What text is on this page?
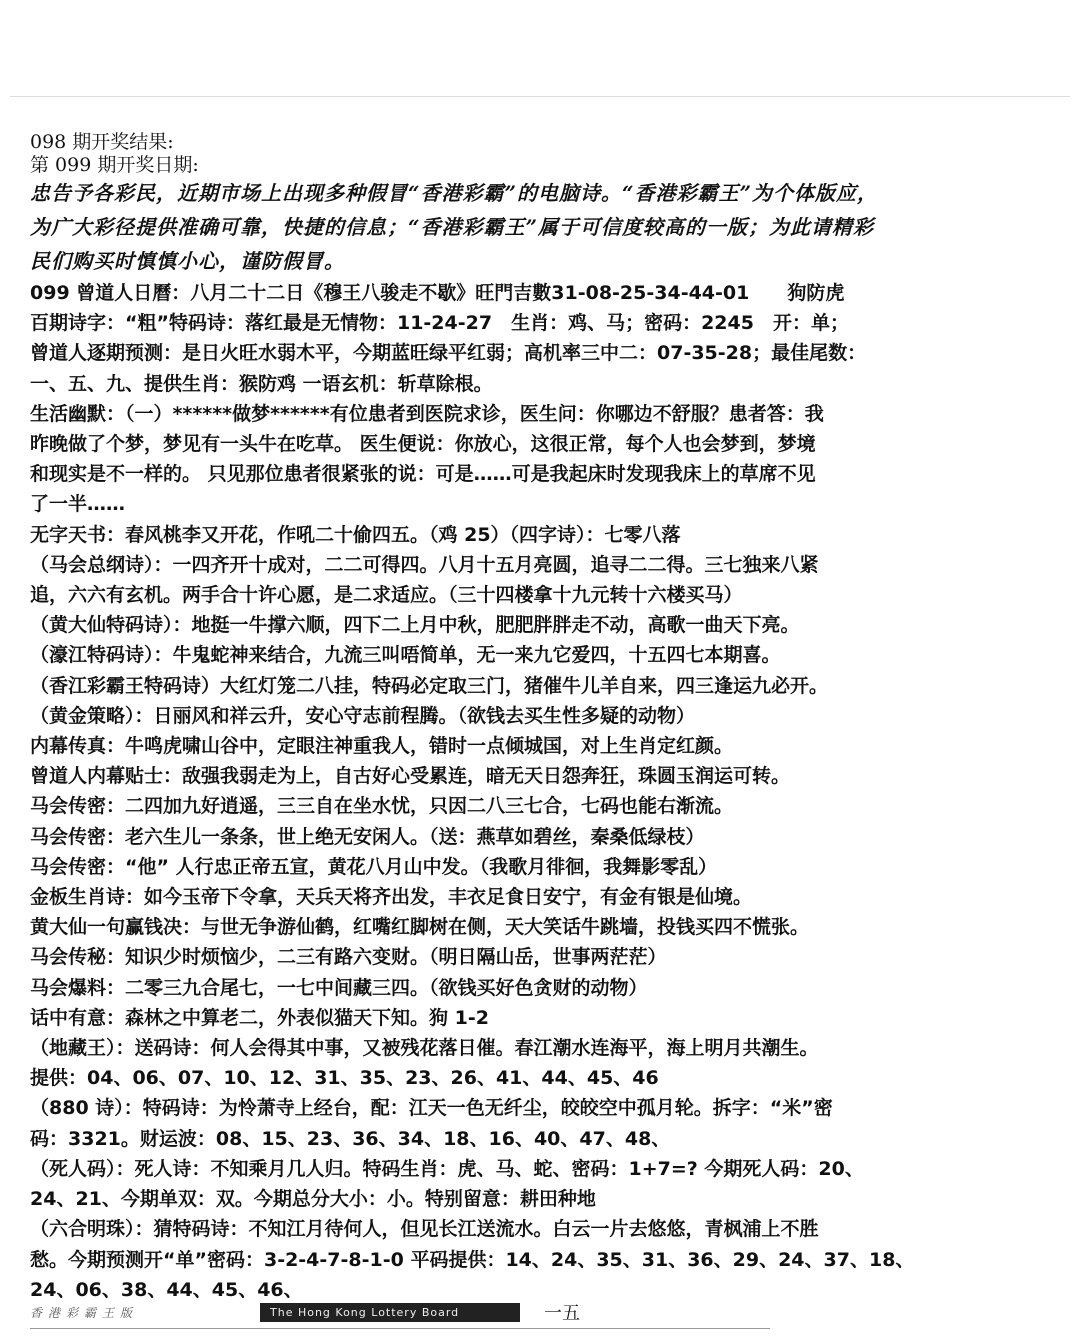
098 期开奖结果:
第 099 期开奖日期:
忠告予各彩民，近期市场上出现多种假冒“香港彩霸”的电脑诗。“香港彩霸王”为个体版应，
为广大彩径提供准确可靠，快捷的信息；“香港彩霸王”属于可信度较高的一版；为此请精彩
民们购买时慎慎小心，谨防假冒。
099 曾道人日曆：八月二十二日《穆王八骏走不歇》旺門吉數31-08-25-34-44-01　　狗防虎
百期诗字：“粗”特码诗：落红最是无情物：11-24-27　生肖：鸡、马；密码：2245　开：单；
曾道人逐期预测：是日火旺水弱木平，今期蓝旺绿平红弱；高机率三中二：07-35-28；最佳尾数：
一、五、九、提供生肖：猴防鸡 一语玄机：斩草除根。
生活幽默：（一）******做梦******有位患者到医院求诊，医生问：你哪边不舒服？患者答：我
昨晚做了个梦，梦见有一头牛在吃草。 医生便说：你放心，这很正常，每个人也会梦到，梦境
和现实是不一样的。 只见那位患者很紧张的说：可是……可是我起床时发现我床上的草席不见
了一半……
无字天书：春风桃李又开花，作吼二十偷四五。（鸡 25）（四字诗）：七零八落
（马会总纲诗）：一四齐开十成对，二二可得四。八月十五月亮圆，追寻二二得。三七独来八紧
追，六六有玄机。两手合十许心愿，是二求适应。（三十四楼拿十九元转十六楼买马）
（黄大仙特码诗）：地挺一牛撑六顺，四下二上月中秋，肥肥胖胖走不动，高歌一曲天下亮。
（濠江特码诗）：牛鬼蛇神来结合，九流三叫唔简单，无一来九它爱四，十五四七本期喜。
（香江彩霸王特码诗）大红灯笼二八挂，特码必定取三门，猪催牛儿羊自来，四三逢运九必开。
（黄金策略）：日丽风和祥云升，安心守志前程腾。（欲钱去买生性多疑的动物）
内幕传真：牛鸣虎啸山谷中，定眼注神重我人，错时一点倾城国，对上生肖定红颜。
曾道人内幕贴士：敌强我弱走为上，自古好心受累连，暗无天日怨奔狂，珠圆玉润运可转。
马会传密：二四加九好逍遥，三三自在坐水忧，只因二八三七合，七码也能右渐流。
马会传密：老六生儿一条条，世上绝无安闲人。（送：燕草如碧丝，秦桑低绿枝）
马会传密：“他” 人行忠正帝五宣，黄花八月山中发。（我歌月徘徊，我舞影零乱）
金板生肖诗：如今玉帝下令拿，天兵天将齐出发，丰衣足食日安宁，有金有银是仙境。
黄大仙一句赢钱决：与世无争游仙鹤，红嘴红脚树在侧，天大笑话牛跳墙，投钱买四不慌张。
马会传秘：知识少时烦恼少，二三有路六变财。（明日隔山岳，世事两茫茫）
马会爆料：二零三九合尾七，一七中间藏三四。（欲钱买好色贪财的动物）
话中有意：森林之中算老二，外表似猫天下知。狗 1-2
（地藏王）：送码诗：何人会得其中事，又被残花落日催。春江潮水连海平，海上明月共潮生。
提供：04、06、07、10、12、31、35、23、26、41、44、45、46
（880 诗）：特码诗：为怜萧寺上经台，配：江天一色无纤尘，皎皎空中孤月轮。拆字：“米”密
码：3321。财运波：08、15、23、36、34、18、16、40、47、48、
（死人码）：死人诗：不知乘月几人归。特码生肖：虎、马、蛇、密码：1+7=? 今期死人码：20、
24、21、今期单双：双。今期总分大小：小。特别留意：耕田种地
（六合明珠）：猜特码诗：不知江月待何人，但见长江送流水。白云一片去悠悠，青枫浦上不胜
愁。今期预测开“单”密码：3-2-4-7-8-1-0 平码提供：14、24、35、31、36、29、24、37、18、
24、06、38、44、45、46、
香港彩霸王版	The Hong Kong Lottery Board	一五
